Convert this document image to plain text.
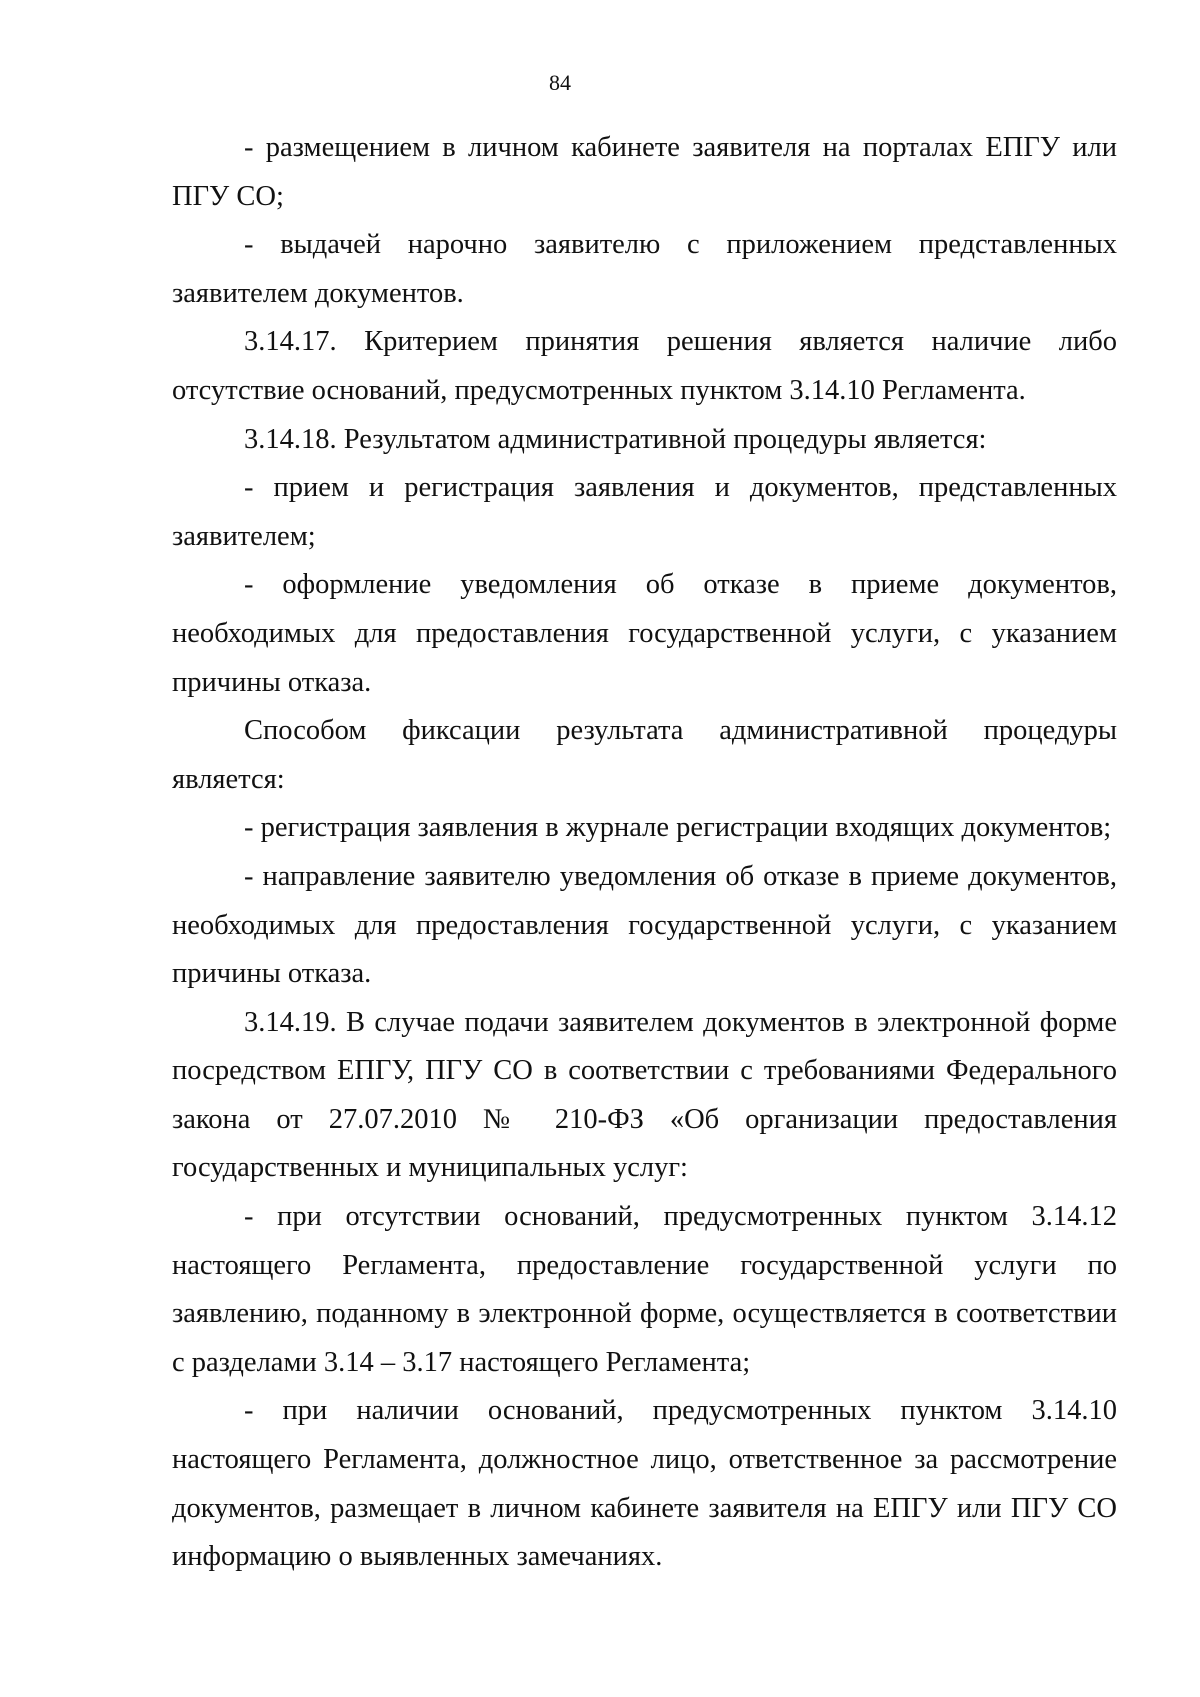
84

- размещением в личном кабинете заявителя на порталах ЕПГУ или ПГУ СО;

- выдачей нарочно заявителю с приложением представленных заявителем документов.

3.14.17. Критерием принятия решения является наличие либо отсутствие оснований, предусмотренных пунктом 3.14.10 Регламента.

3.14.18. Результатом административной процедуры является:

- прием и регистрация заявления и документов, представленных заявителем;

- оформление уведомления об отказе в приеме документов, необходимых для предоставления государственной услуги, с указанием причины отказа.

Способом фиксации результата административной процедуры является:

- регистрация заявления в журнале регистрации входящих документов;

- направление заявителю уведомления об отказе в приеме документов, необходимых для предоставления государственной услуги, с указанием причины отказа.

3.14.19. В случае подачи заявителем документов в электронной форме посредством ЕПГУ, ПГУ СО в соответствии с требованиями Федерального закона от 27.07.2010 № 210-ФЗ «Об организации предоставления государственных и муниципальных услуг:

- при отсутствии оснований, предусмотренных пунктом 3.14.12 настоящего Регламента, предоставление государственной услуги по заявлению, поданному в электронной форме, осуществляется в соответствии с разделами 3.14 – 3.17 настоящего Регламента;

- при наличии оснований, предусмотренных пунктом 3.14.10 настоящего Регламента, должностное лицо, ответственное за рассмотрение документов, размещает в личном кабинете заявителя на ЕПГУ или ПГУ СО информацию о выявленных замечаниях.
